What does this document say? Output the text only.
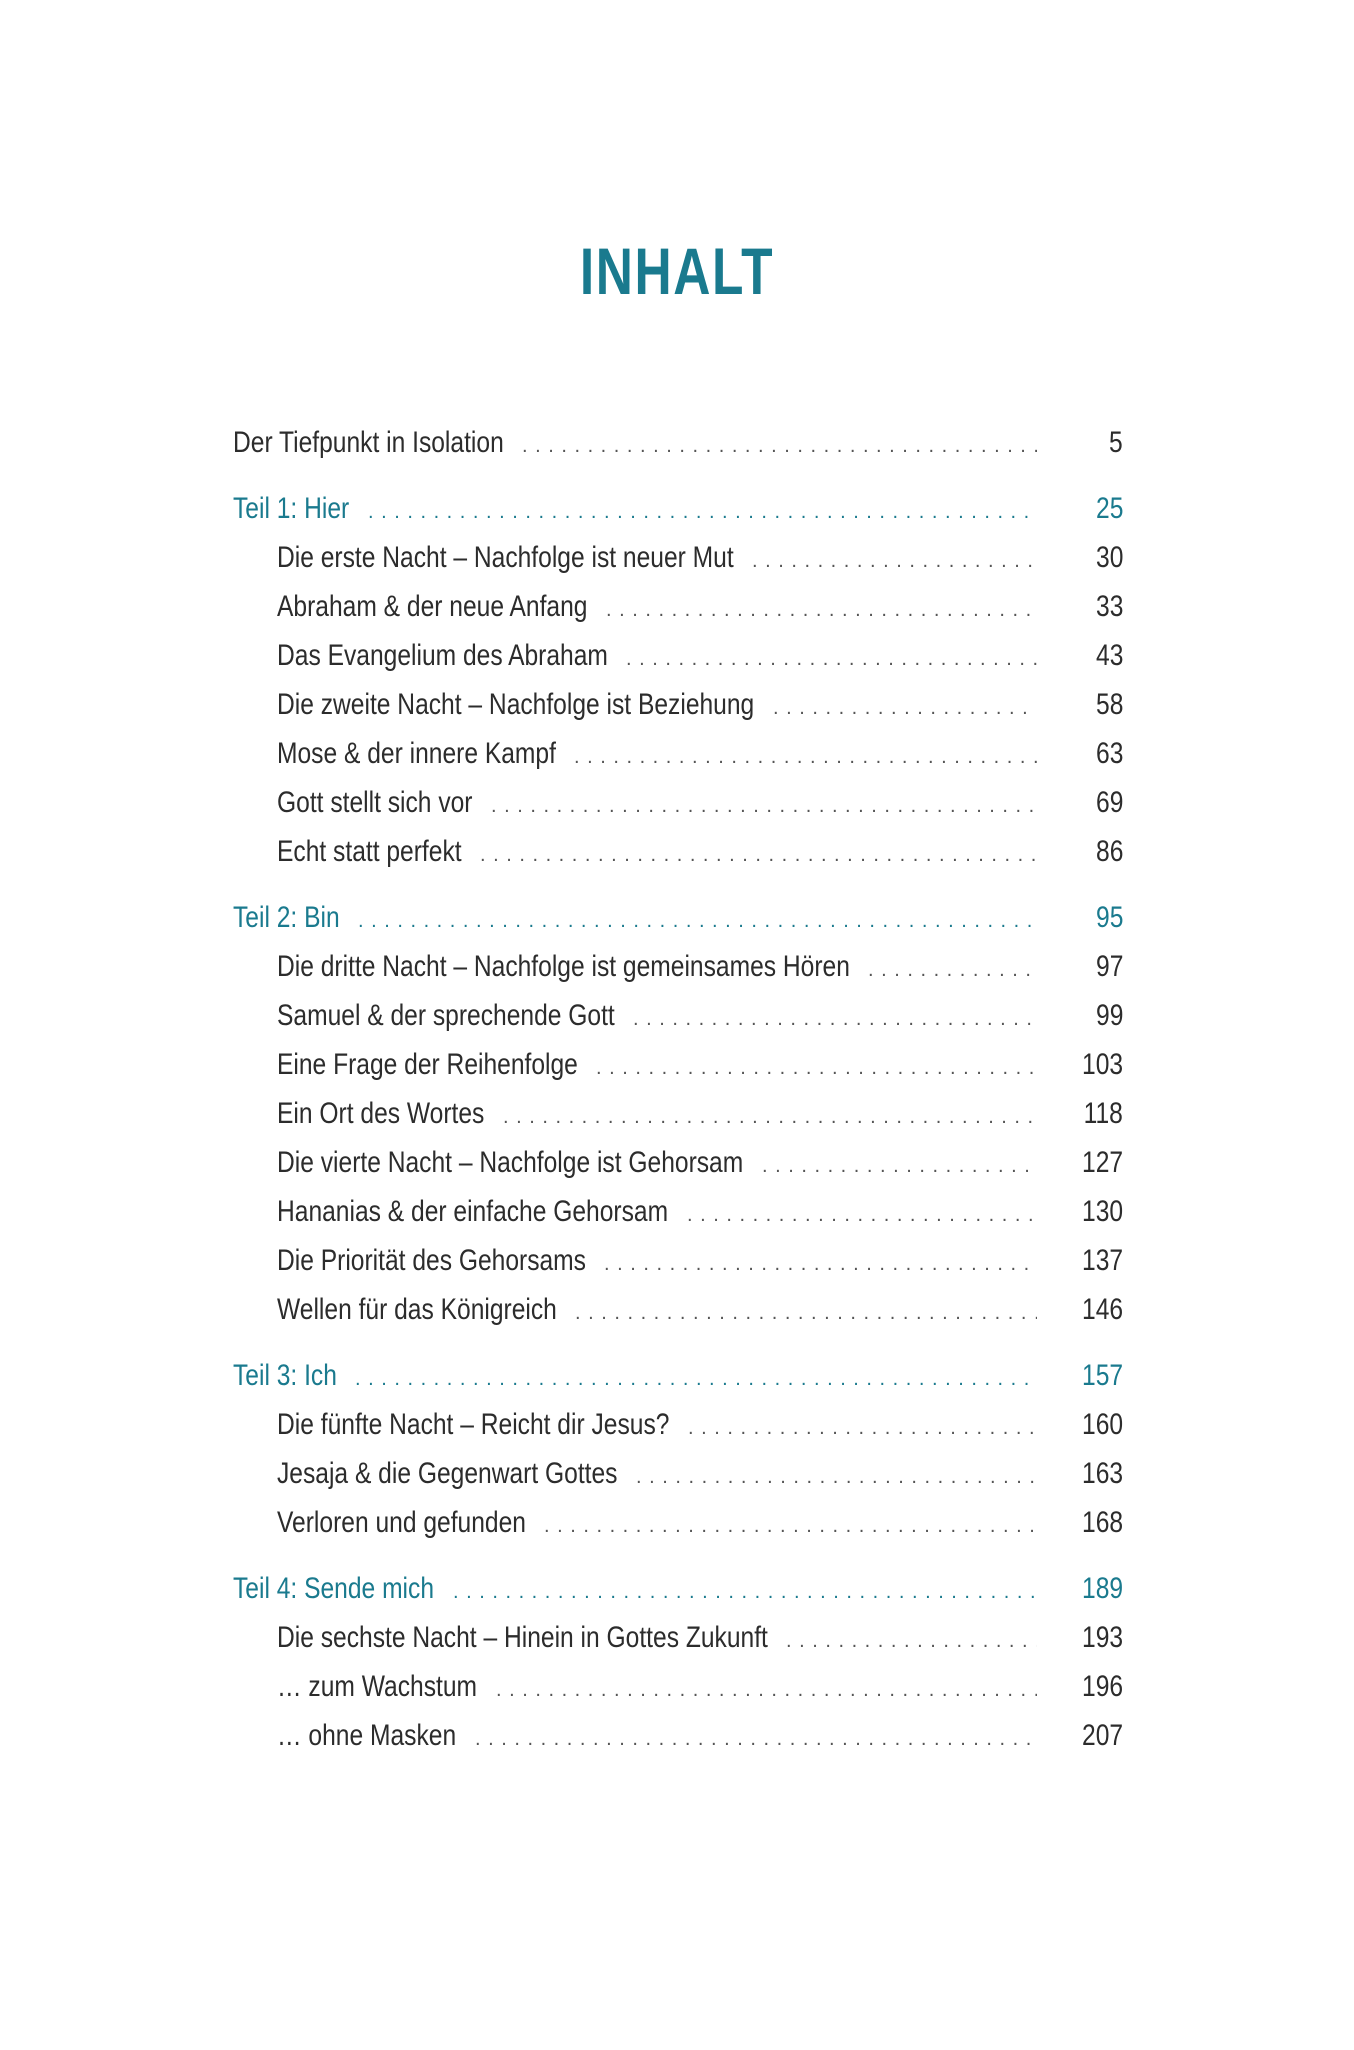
INHALT
Der Tiefpunkt in Isolation . . .	5
Teil 1: Hier . . .	25
Die erste Nacht – Nachfolge ist neuer Mut . . .	30
Abraham & der neue Anfang . . .	33
Das Evangelium des Abraham . . .	43
Die zweite Nacht – Nachfolge ist Beziehung . . .	58
Mose & der innere Kampf . . .	63
Gott stellt sich vor . . .	69
Echt statt perfekt . . .	86
Teil 2: Bin . . .	95
Die dritte Nacht – Nachfolge ist gemeinsames Hören . . .	97
Samuel & der sprechende Gott . . .	99
Eine Frage der Reihenfolge . . .	103
Ein Ort des Wortes . . .	118
Die vierte Nacht – Nachfolge ist Gehorsam . . .	127
Hananias & der einfache Gehorsam . . .	130
Die Priorität des Gehorsams . . .	137
Wellen für das Königreich . . .	146
Teil 3: Ich . . .	157
Die fünfte Nacht – Reicht dir Jesus? . . .	160
Jesaja & die Gegenwart Gottes . . .	163
Verloren und gefunden . . .	168
Teil 4: Sende mich . . .	189
Die sechste Nacht – Hinein in Gottes Zukunft . . .	193
… zum Wachstum . . .	196
… ohne Masken . . .	207
